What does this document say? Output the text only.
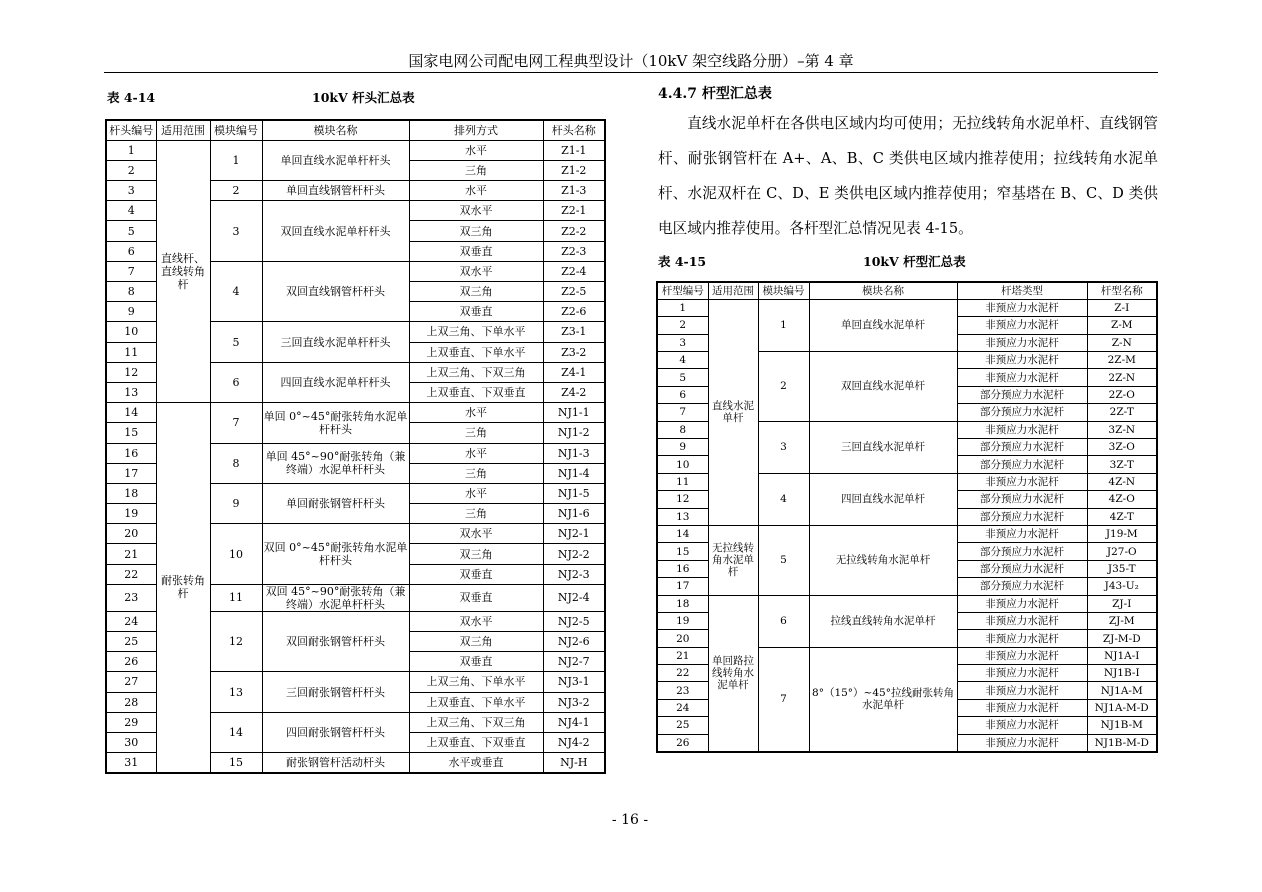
国家电网公司配电网工程典型设计（10kV 架空线路分册）–第 4 章
表 4-14	10kV 杆头汇总表
杆头编号	适用范围	模块编号	模块名称	排列方式	杆头名称
1	直线杆、直线转角杆	1	单回直线水泥单杆杆头	水平	Z1-1
2				三角	Z1-2
3		2	单回直线钢管杆杆头	水平	Z1-3
4		3	双回直线水泥单杆杆头	双水平	Z2-1
5				双三角	Z2-2
6				双垂直	Z2-3
7		4	双回直线钢管杆杆头	双水平	Z2-4
8				双三角	Z2-5
9				双垂直	Z2-6
10		5	三回直线水泥单杆杆头	上双三角、下单水平	Z3-1
11				上双垂直、下单水平	Z3-2
12		6	四回直线水泥单杆杆头	上双三角、下双三角	Z4-1
13				上双垂直、下双垂直	Z4-2
14	耐张转角杆	7	单回 0°~45°耐张转角水泥单杆杆头	水平	NJ1-1
15				三角	NJ1-2
16		8	单回 45°~90°耐张转角（兼终端）水泥单杆杆头	水平	NJ1-3
17				三角	NJ1-4
18		9	单回耐张钢管杆杆头	水平	NJ1-5
19				三角	NJ1-6
20		10	双回 0°~45°耐张转角水泥单杆杆头	双水平	NJ2-1
21				双三角	NJ2-2
22				双垂直	NJ2-3
23		11	双回 45°~90°耐张转角（兼终端）水泥单杆杆头	双垂直	NJ2-4
24		12	双回耐张钢管杆杆头	双水平	NJ2-5
25				双三角	NJ2-6
26				双垂直	NJ2-7
27		13	三回耐张钢管杆杆头	上双三角、下单水平	NJ3-1
28				上双垂直、下单水平	NJ3-2
29		14	四回耐张钢管杆杆头	上双三角、下双三角	NJ4-1
30				上双垂直、下双垂直	NJ4-2
31		15	耐张钢管杆活动杆头	水平或垂直	NJ-H
4.4.7 杆型汇总表
直线水泥单杆在各供电区域内均可使用；无拉线转角水泥单杆、直线钢管杆、耐张钢管杆在 A+、A、B、C 类供电区域内推荐使用；拉线转角水泥单杆、水泥双杆在 C、D、E 类供电区域内推荐使用；窄基塔在 B、C、D 类供电区域内推荐使用。各杆型汇总情况见表 4-15。
表 4-15	10kV 杆型汇总表
杆型编号	适用范围	模块编号	模块名称	杆塔类型	杆型名称
1	直线水泥单杆	1	单回直线水泥单杆	非预应力水泥杆	Z-I
2				非预应力水泥杆	Z-M
3				非预应力水泥杆	Z-N
4		2	双回直线水泥单杆	非预应力水泥杆	2Z-M
5				非预应力水泥杆	2Z-N
6				部分预应力水泥杆	2Z-O
7				部分预应力水泥杆	2Z-T
8		3	三回直线水泥单杆	非预应力水泥杆	3Z-N
9				部分预应力水泥杆	3Z-O
10				部分预应力水泥杆	3Z-T
11		4	四回直线水泥单杆	非预应力水泥杆	4Z-N
12				部分预应力水泥杆	4Z-O
13				部分预应力水泥杆	4Z-T
14	无拉线转角水泥单杆	5	无拉线转角水泥单杆	非预应力水泥杆	J19-M
15				部分预应力水泥杆	J27-O
16				部分预应力水泥杆	J35-T
17				部分预应力水泥杆	J43-U₂
18	单回路拉线转角水泥单杆	6	拉线直线转角水泥单杆	非预应力水泥杆	ZJ-I
19				非预应力水泥杆	ZJ-M
20				非预应力水泥杆	ZJ-M-D
21		7	8°（15°）~45°拉线耐张转角水泥单杆	非预应力水泥杆	NJ1A-I
22				非预应力水泥杆	NJ1B-I
23				非预应力水泥杆	NJ1A-M
24				非预应力水泥杆	NJ1A-M-D
25				非预应力水泥杆	NJ1B-M
26				非预应力水泥杆	NJ1B-M-D
- 16 -
